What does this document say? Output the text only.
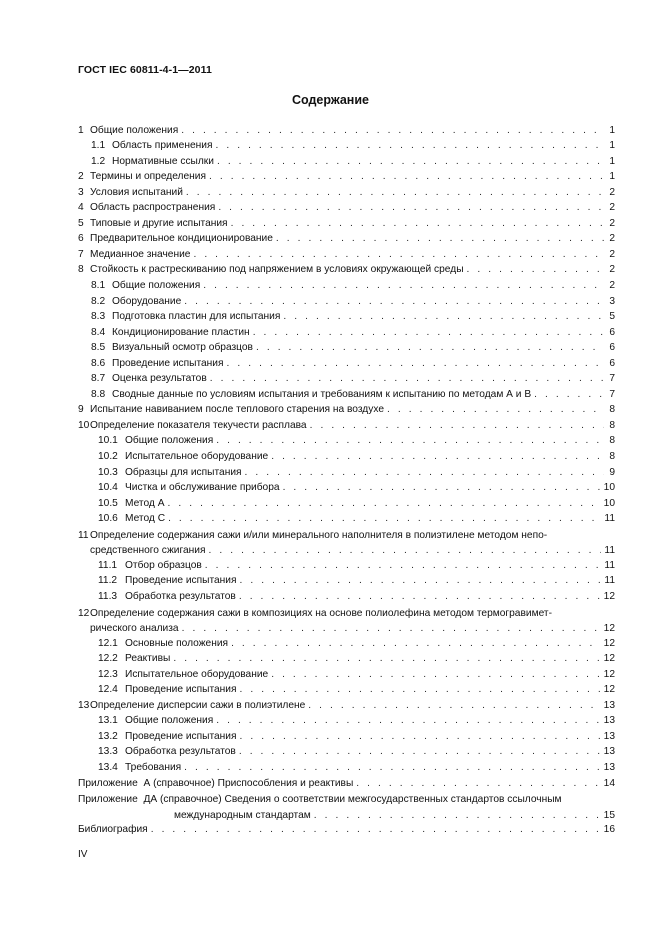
ГОСТ IEC 60811-4-1—2011
Содержание
1 Общие положения . . .	1
1.1 Область применения . . .	1
1.2 Нормативные ссылки . . .	1
2 Термины и определения . . .	1
3 Условия испытаний . . .	2
4 Область распространения . . .	2
5 Типовые и другие испытания . . .	2
6 Предварительное кондиционирование . . .	2
7 Медианное значение . . .	2
8 Стойкость к растрескиванию под напряжением в условиях окружающей среды . . .	2
8.1 Общие положения . . .	2
8.2 Оборудование . . .	3
8.3 Подготовка пластин для испытания . . .	5
8.4 Кондиционирование пластин . . .	6
8.5 Визуальный осмотр образцов . . .	6
8.6 Проведение испытания . . .	6
8.7 Оценка результатов . . .	7
8.8 Сводные данные по условиям испытания и требованиям к испытанию по методам А и В . . .	7
9 Испытание навиванием после теплового старения на воздухе . . .	8
10 Определение показателя текучести расплава . . .	8
10.1 Общие положения . . .	8
10.2 Испытательное оборудование . . .	8
10.3 Образцы для испытания . . .	9
10.4 Чистка и обслуживание прибора . . .	10
10.5 Метод А . . .	10
10.6 Метод С . . .	11
11 Определение содержания сажи и/или минерального наполнителя в полиэтилене методом непо-
средственного сжигания . . .	11
11.1 Отбор образцов . . .	11
11.2 Проведение испытания . . .	11
11.3 Обработка результатов . . .	12
12 Определение содержания сажи в композициях на основе полиолефина методом термогравимет-
рического анализа . . .	12
12.1 Основные положения . . .	12
12.2 Реактивы . . .	12
12.3 Испытательное оборудование . . .	12
12.4 Проведение испытания . . .	12
13 Определение дисперсии сажи в полиэтилене . . .	13
13.1 Общие положения . . .	13
13.2 Проведение испытания . . .	13
13.3 Обработка результатов . . .	13
13.4 Требования . . .	13
Приложение А (справочное) Приспособления и реактивы . . .	14
Приложение ДА (справочное) Сведения о соответствии межгосударственных стандартов ссылочным
международным стандартам . . .	15
Библиография . . .	16
IV
